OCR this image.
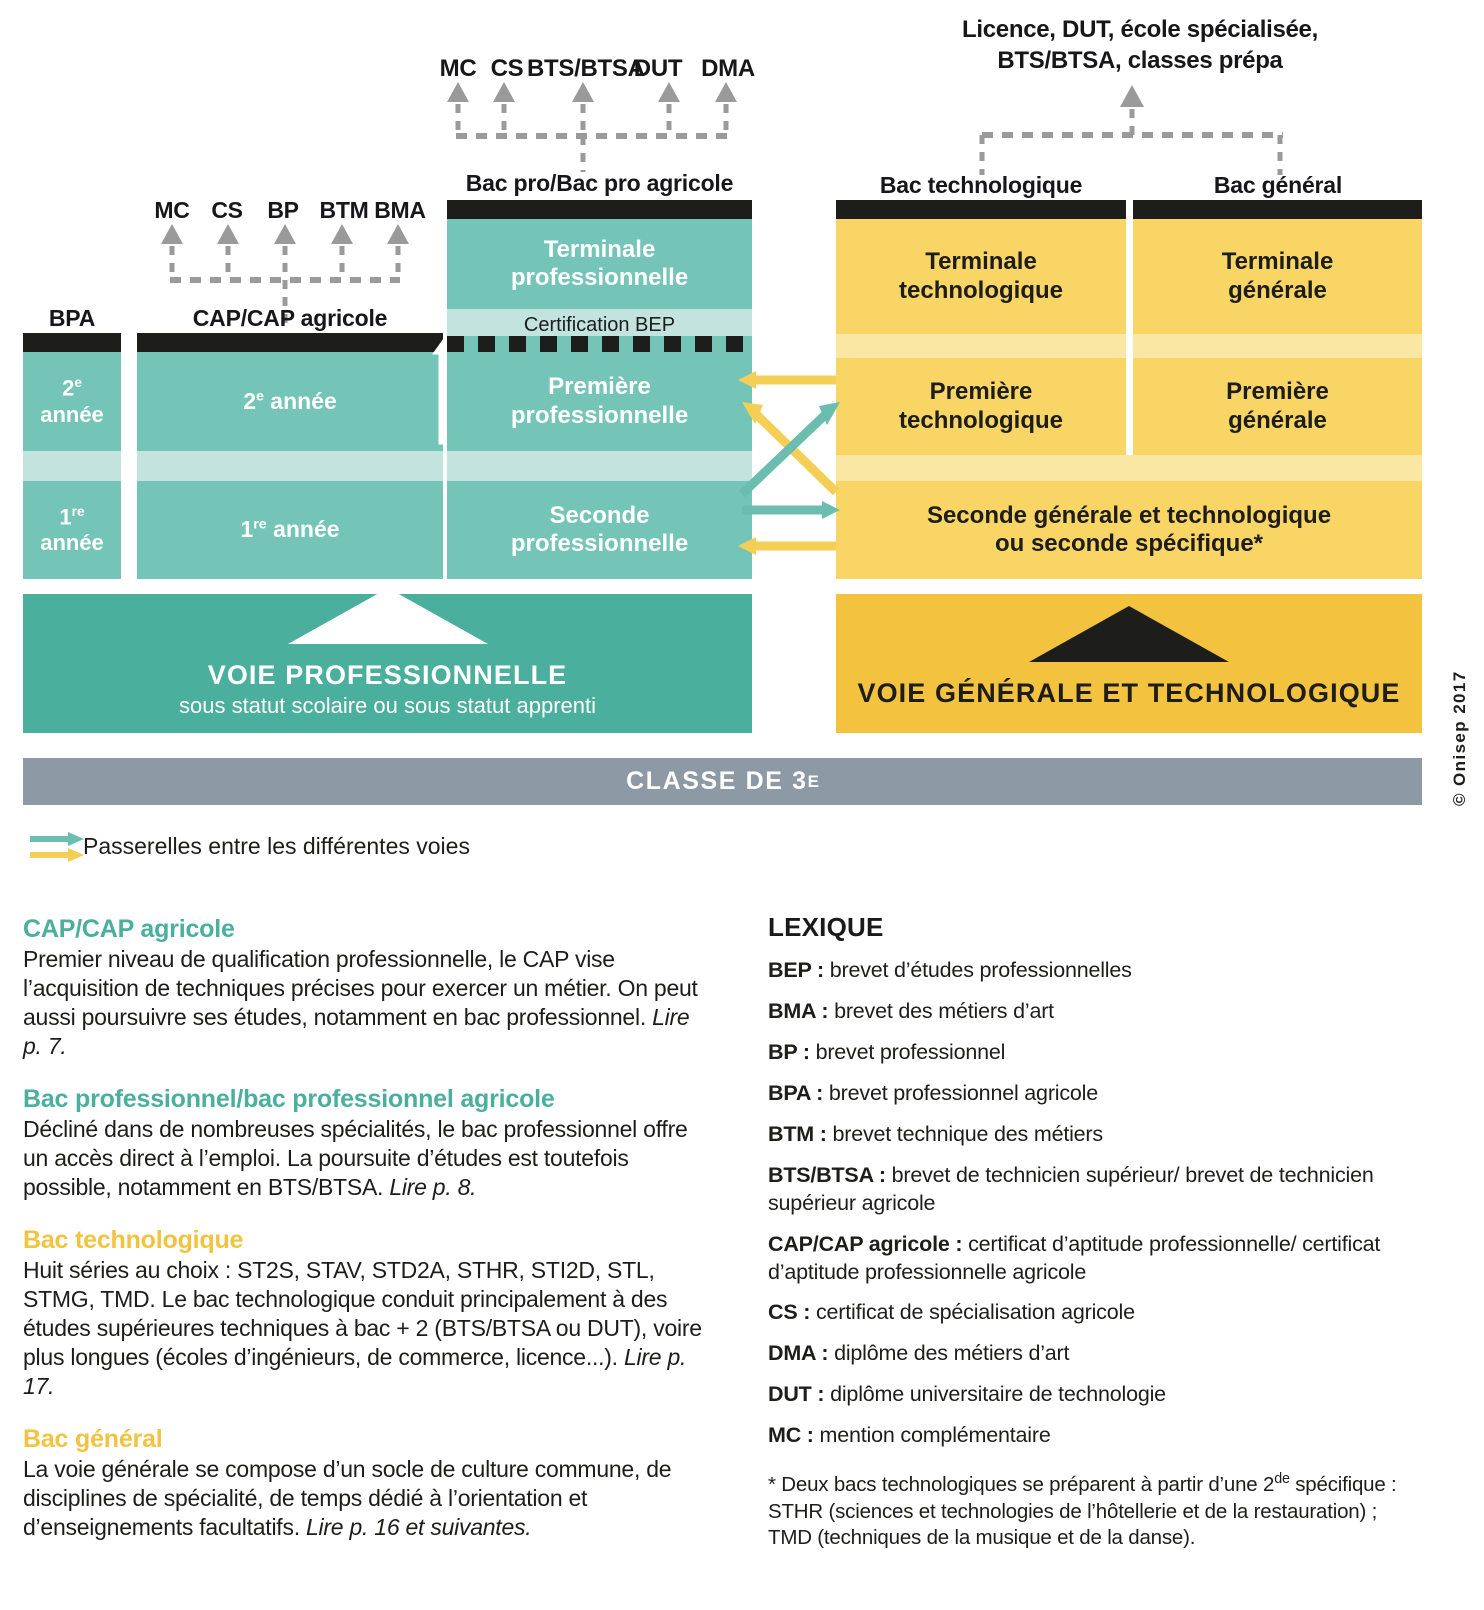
MC CS BTS/BTSA
DUT DMA
Licence, DUT, école spécialisée,
BTS/BTSA, classes prépa
MC CS	BP BTM BMA
BPA	CAP/CAP agricole
Bac pro/Bac pro agricole	Bac technologique	Bac général
2e
année
1re
année
2e année
1re année
Terminale
professionnelle
Certification BEP
Première
professionnelle
Seconde
professionnelle
Terminale
technologique
Première
technologique
Terminale
générale
Première
générale
Seconde générale et technologique
ou seconde spécifique*
VOIE PROFESSIONNELLE
sous statut scolaire ou sous statut apprenti	VOIE GÉNÉRALE ET TECHNOLOGIQUE
CLASSE DE 3 E	© Onisep 2017
Passerelles entre les différentes voies
CAP/CAP agricole
Premier niveau de qualification professionnelle, le CAP vise l’acquisition de techniques précises pour exercer un métier. On peut aussi poursuivre ses études, notamment en bac professionnel. Lire p. 7.
Bac professionnel/bac professionnel agricole
Décliné dans de nombreuses spécialités, le bac professionnel offre un accès direct à l’emploi. La poursuite d’études est toutefois possible, notamment en BTS/BTSA. Lire p. 8.
Bac technologique
Huit séries au choix : ST2S, STAV, STD2A, STHR, STI2D, STL, STMG, TMD. Le bac technologique conduit principalement à des études supérieures techniques à bac + 2 (BTS/BTSA ou DUT), voire plus longues (écoles d’ingénieurs, de commerce, licence...). Lire p. 17.
Bac général
La voie générale se compose d’un socle de culture commune, de disciplines de spécialité, de temps dédié à l’orientation et d’enseignements facultatifs. Lire p. 16 et suivantes.
LEXIQUE
BEP : brevet d’études professionnelles
BMA : brevet des métiers d’art
BP : brevet professionnel
BPA : brevet professionnel agricole
BTM : brevet technique des métiers
BTS/BTSA : brevet de technicien supérieur/ brevet de technicien supérieur agricole
CAP/CAP agricole : certificat d’aptitude professionnelle/ certificat d’aptitude professionnelle agricole
CS : certificat de spécialisation agricole
DMA : diplôme des métiers d’art
DUT : diplôme universitaire de technologie
MC : mention complémentaire
* Deux bacs technologiques se préparent à partir d’une 2de spécifique :
STHR (sciences et technologies de l’hôtellerie et de la restauration) ;
TMD (techniques de la musique et de la danse).
